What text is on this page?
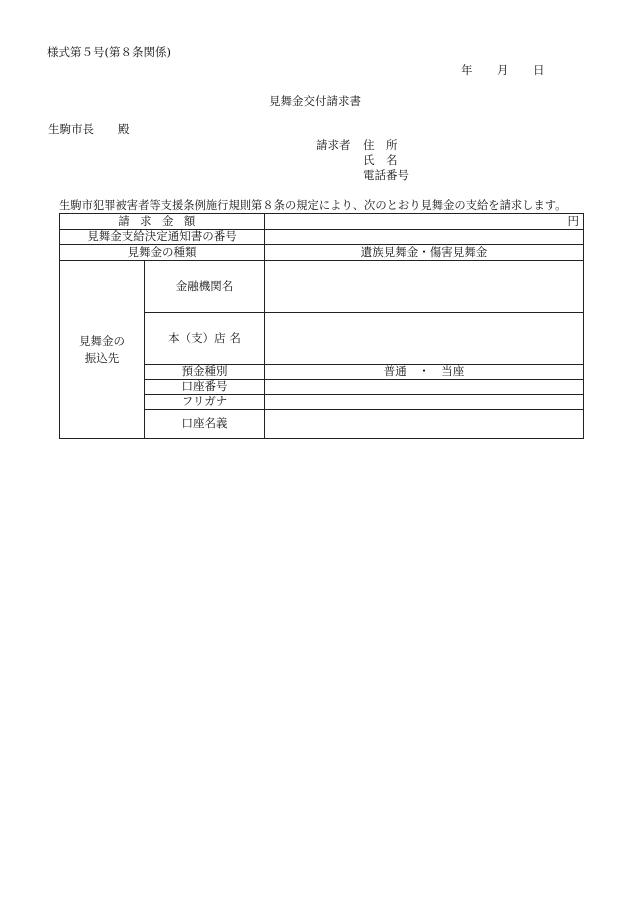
様式第５号(第８条関係)
年 月 日
見舞金交付請求書
生駒市長 殿
請求者 住　所
氏　名
電話番号
生駒市犯罪被害者等支援条例施行規則第８条の規定により、次のとおり見舞金の支給を請求します。
請求金額		円
見舞金支給決定通知書の番号		
見舞金の種類		遺族見舞金・傷害見舞金
見舞金の
振込先	金融機関名	
	本（支）店 名	
	預金種別	普通　・　当座
	口座番号	
	フリガナ	
	口座名義	
